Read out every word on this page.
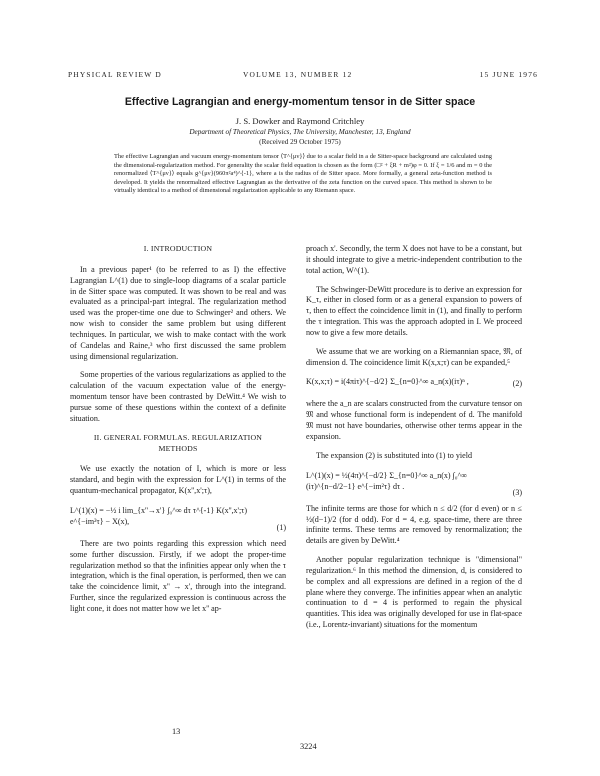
PHYSICAL REVIEW D	VOLUME 13, NUMBER 12	15 JUNE 1976
Effective Lagrangian and energy-momentum tensor in de Sitter space
J. S. Dowker and Raymond Critchley
Department of Theoretical Physics, The University, Manchester, 13, England
(Received 29 October 1975)
The effective Lagrangian and vacuum energy-momentum tensor ⟨T^{μν}⟩ due to a scalar field in a de Sitter-space background are calculated using the dimensional-regularization method. For generality the scalar field equation is chosen as the form (□² + ξR + m²)φ = 0. If ξ = 1/6 and m = 0 the renormalized ⟨T^{μν}⟩ equals g^{μν}(960π²a⁴)^{-1}, where a is the radius of de Sitter space. More formally, a general zeta-function method is developed. It yields the renormalized effective Lagrangian as the derivative of the zeta function on the curved space. This method is shown to be virtually identical to a method of dimensional regularization applicable to any Riemann space.
I. INTRODUCTION

In a previous paper¹ (to be referred to as I) the effective Lagrangian L^(1) due to single-loop diagrams of a scalar particle in de Sitter space was computed. It was shown to be real and was evaluated as a principal-part integral. The regularization method used was the proper-time one due to Schwinger² and others. We now wish to consider the same problem but using different techniques. In particular, we wish to make contact with the work of Candelas and Raine,³ who first discussed the same problem using dimensional regularization.

Some properties of the various regularizations as applied to the calculation of the vacuum expectation value of the energy-momentum tensor have been contrasted by DeWitt.⁴ We wish to pursue some of these questions within the context of a definite situation.

II. GENERAL FORMULAS. REGULARIZATION
METHODS

We use exactly the notation of I, which is more or less standard, and begin with the expression for L^(1) in terms of the quantum-mechanical propagator, K(x'',x';τ),

L^(1)(x) = −½ i lim_{x''→x'} ∫₀^∞ dτ τ^{-1} K(x'',x';τ) e^{−im²τ} − X(x),
(1)

There are two points regarding this expression which need some further discussion. Firstly, if we adopt the proper-time regularization method so that the infinities appear only when the τ integration, which is the final operation, is performed, then we can take the coincidence limit, x'' → x', through into the integrand. Further, since the regularized expression is continuous across the light cone, it does not matter how we let x'' ap-

proach x'. Secondly, the term X does not have to be a constant, but it should integrate to give a metric-independent contribution to the total action, W^(1).

The Schwinger-DeWitt procedure is to derive an expression for K_τ, either in closed form or as a general expansion to powers of τ, then to effect the coincidence limit in (1), and finally to perform the τ integration. This was the approach adopted in I. We proceed now to give a few more details.

We assume that we are working on a Riemannian space, 𝔐, of dimension d. The coincidence limit K(x,x;τ) can be expanded,⁵

K(x,x;τ) = i(4πiτ)^{−d/2} Σ_{n=0}^∞ a_n(x)(iτ)ⁿ ,	(2)

where the a_n are scalars constructed from the curvature tensor on 𝔐 and whose functional form is independent of d. The manifold 𝔐 must not have boundaries, otherwise other terms appear in the expansion.

The expansion (2) is substituted into (1) to yield

L^(1)(x) = ½(4π)^{−d/2} Σ_{n=0}^∞ a_n(x) ∫₀^∞ (iτ)^{n−d/2−1} e^{−im²τ} dτ .
(3)

The infinite terms are those for which n ≤ d/2 (for d even) or n ≤ ½(d−1)/2 (for d odd). For d = 4, e.g. space-time, there are three infinite terms. These terms are removed by renormalization; the details are given by DeWitt.⁴

Another popular regularization technique is "dimensional" regularization.⁶ In this method the dimension, d, is considered to be complex and all expressions are defined in a region of the d plane where they converge. The infinities appear when an analytic continuation to d = 4 is performed to regain the physical quantities. This idea was originally developed for use in flat-space (i.e., Lorentz-invariant) situations for the momentum

13
3224
